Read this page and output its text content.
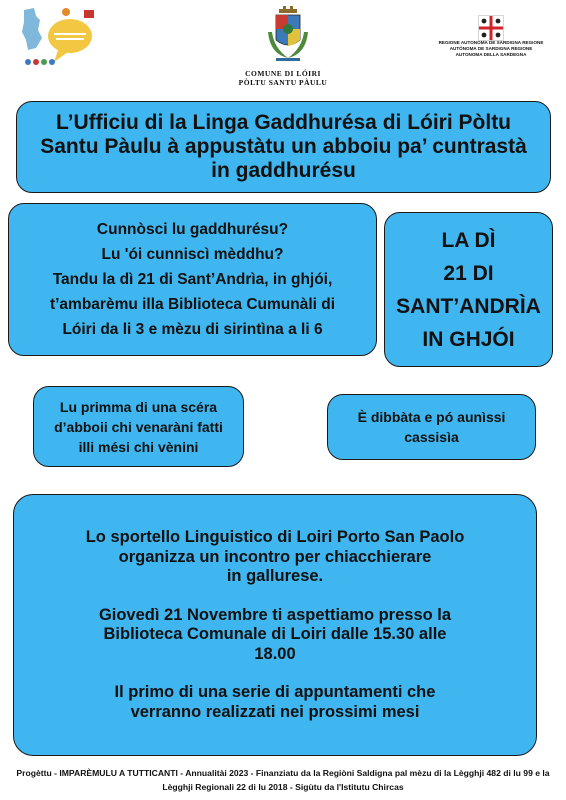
COMUNE DI LÓIRI
PÒLTU SANTU PÀULU
REGIONE AUTONOMA DE SARDIGNA REGIONE AUTÒNOMA DE SARDIGNA REGIONE AUTONOMA DELLA SARDEGNA
L’Ufficiu di la Linga Gaddhurésa di Lóiri Pòltu
Santu Pàulu à appustàtu un abboiu pa’ cuntrastà
in gaddhurésu
Cunnòsci lu gaddhurésu?
Lu 'ói cunniscì mèddhu?
Tandu la dì 21 di Sant’Andrìa, in ghjói,
t’ambarèmu illa Biblioteca Cumunàli di
Lóiri da li 3 e mèzu di sirintìna a li 6
LA DÌ
21 DI
SANT’ANDRÌA
IN GHJÓI
Lu primma di una scéra
d’abboii chi venaràni fatti
illi mési chi vènini
È dibbàta e pó aunìssi
cassisìa
Lo sportello Linguistico di Loiri Porto San Paolo
organizza un incontro per chiacchierare
in gallurese.
Giovedì 21 Novembre ti aspettiamo presso la
Biblioteca Comunale di Loiri dalle 15.30 alle
18.00
Il primo di una serie di appuntamenti che
verranno realizzati nei prossimi mesi
Progèttu - IMPARÈMULU A TUTTICANTI - Annualitài 2023 - Finanziatu da la Regiòni Saldigna pal mèzu di la Lègghji 482 di lu 99 e la Lègghji Regionali 22 di lu 2018 - Sigùtu da l'Istitutu Chircas
